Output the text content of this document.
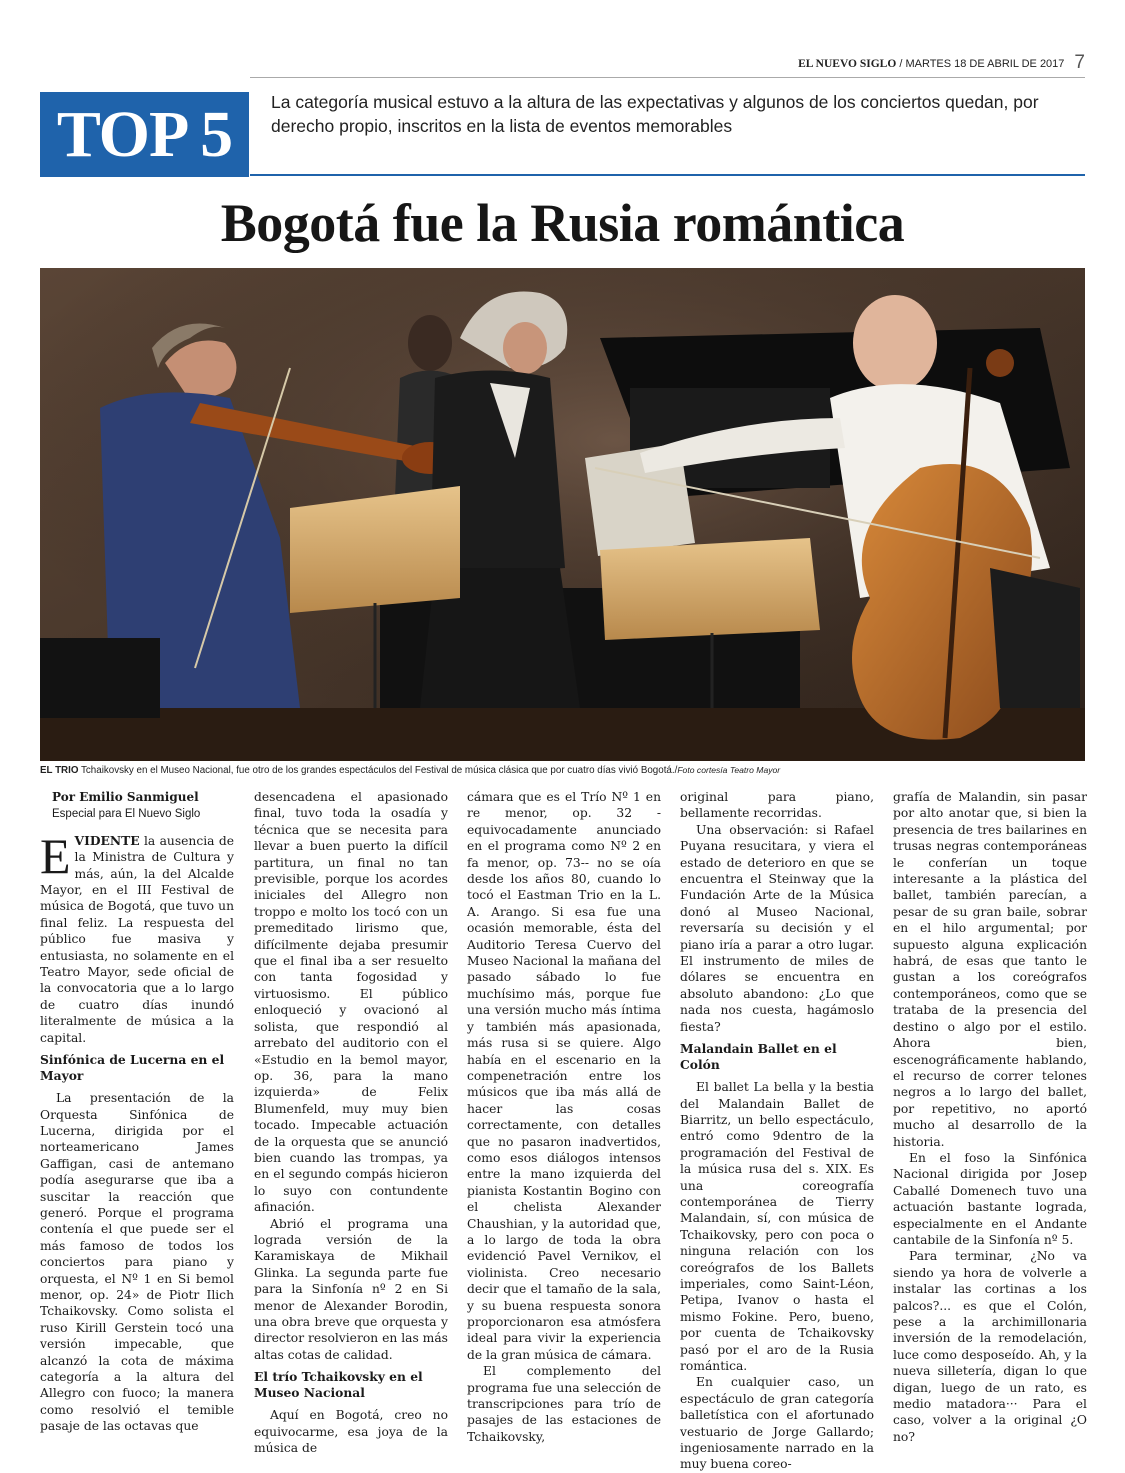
EL NUEVO SIGLO / MARTES 18 DE ABRIL DE 2017 7
TOP 5	La categoría musical estuvo a la altura de las expectativas y algunos de los conciertos quedan, por derecho propio, inscritos en la lista de eventos memorables
Bogotá fue la Rusia romántica
EL TRIO Tchaikovsky en el Museo Nacional, fue otro de los grandes espectáculos del Festival de música clásica que por cuatro días vivió Bogotá./Foto cortesía Teatro Mayor
Por Emilio Sanmiguel
Especial para El Nuevo Siglo

EVIDENTE la ausencia de la Ministra de Cultura y más, aún, la del Alcalde Mayor, en el III Festival de música de Bogotá, que tuvo un final feliz. La respuesta del público fue masiva y entusiasta, no solamente en el Teatro Mayor, sede oficial de la convocatoria que a lo largo de cuatro días inundó literalmente de música a la capital.

Sinfónica de Lucerna en el Mayor

La presentación de la Orquesta Sinfónica de Lucerna, dirigida por el norteamericano James Gaffigan, casi de antemano podía asegurarse que iba a suscitar la reacción que generó. Porque el programa contenía el que puede ser el más famoso de todos los conciertos para piano y orquesta, el Nº 1 en Si bemol menor, op. 24» de Piotr Ilich Tchaikovsky. Como solista el ruso Kirill Gerstein tocó una versión impecable, que alcanzó la cota de máxima categoría a la altura del Allegro con fuoco; la manera como resolvió el temible pasaje de las octavas que

desencadena el apasionado final, tuvo toda la osadía y técnica que se necesita para llevar a buen puerto la difícil partitura, un final no tan previsible, porque los acordes iniciales del Allegro non troppo e molto los tocó con un premeditado lirismo que, difícilmente dejaba presumir que el final iba a ser resuelto con tanta fogosidad y virtuosismo. El público enloqueció y ovacionó al solista, que respondió al arrebato del auditorio con el «Estudio en la bemol mayor, op. 36, para la mano izquierda» de Felix Blumenfeld, muy muy bien tocado. Impecable actuación de la orquesta que se anunció bien cuando las trompas, ya en el segundo compás hicieron lo suyo con contundente afinación.

Abrió el programa una lograda versión de la Karamiskaya de Mikhail Glinka. La segunda parte fue para la Sinfonía nº 2 en Si menor de Alexander Borodin, una obra breve que orquesta y director resolvieron en las más altas cotas de calidad.

El trío Tchaikovsky en el Museo Nacional

Aquí en Bogotá, creo no equivocarme, esa joya de la música de

cámara que es el Trío Nº 1 en re menor, op. 32 -equivocadamente anunciado en el programa como Nº 2 en fa menor, op. 73-- no se oía desde los años 80, cuando lo tocó el Eastman Trio en la L. A. Arango. Si esa fue una ocasión memorable, ésta del Auditorio Teresa Cuervo del Museo Nacional la mañana del pasado sábado lo fue muchísimo más, porque fue una versión mucho más íntima y también más apasionada, más rusa si se quiere. Algo había en el escenario en la compenetración entre los músicos que iba más allá de hacer las cosas correctamente, con detalles que no pasaron inadvertidos, como esos diálogos intensos entre la mano izquierda del pianista Kostantin Bogino con el chelista Alexander Chaushian, y la autoridad que, a lo largo de toda la obra evidenció Pavel Vernikov, el violinista. Creo necesario decir que el tamaño de la sala, y su buena respuesta sonora proporcionaron esa atmósfera ideal para vivir la experiencia de la gran música de cámara.

El complemento del programa fue una selección de transcripciones para trío de pasajes de las estaciones de Tchaikovsky,

original para piano, bellamente recorridas.

Una observación: si Rafael Puyana resucitara, y viera el estado de deterioro en que se encuentra el Steinway que la Fundación Arte de la Música donó al Museo Nacional, reversaría su decisión y el piano iría a parar a otro lugar. El instrumento de miles de dólares se encuentra en absoluto abandono: ¿Lo que nada nos cuesta, hagámoslo fiesta?

Malandain Ballet en el Colón

El ballet La bella y la bestia del Malandain Ballet de Biarritz, un bello espectáculo, entró como 9dentro de la programación del Festival de la música rusa del s. XIX. Es una coreografía contemporánea de Tierry Malandain, sí, con música de Tchaikovsky, pero con poca o ninguna relación con los coreógrafos de los Ballets imperiales, como Saint-Léon, Petipa, Ivanov o hasta el mismo Fokine. Pero, bueno, por cuenta de Tchaikovsky pasó por el aro de la Rusia romántica.

En cualquier caso, un espectáculo de gran categoría balletística con el afortunado vestuario de Jorge Gallardo; ingeniosamente narrado en la muy buena coreo-

grafía de Malandin, sin pasar por alto anotar que, si bien la presencia de tres bailarines en trusas negras contemporáneas le conferían un toque interesante a la plástica del ballet, también parecían, a pesar de su gran baile, sobrar en el hilo argumental; por supuesto alguna explicación habrá, de esas que tanto le gustan a los coreógrafos contemporáneos, como que se trataba de la presencia del destino o algo por el estilo. Ahora bien, escenográficamente hablando, el recurso de correr telones negros a lo largo del ballet, por repetitivo, no aportó mucho al desarrollo de la historia.

En el foso la Sinfónica Nacional dirigida por Josep Caballé Domenech tuvo una actuación bastante lograda, especialmente en el Andante cantabile de la Sinfonía nº 5.

Para terminar, ¿No va siendo ya hora de volverle a instalar las cortinas a los palcos?... es que el Colón, pese a la archimillonaria inversión de la remodelación, luce como desposeído. Ah, y la nueva silletería, digan lo que digan, luego de un rato, es medio matadora··· Para el caso, volver a la original ¿O no?
